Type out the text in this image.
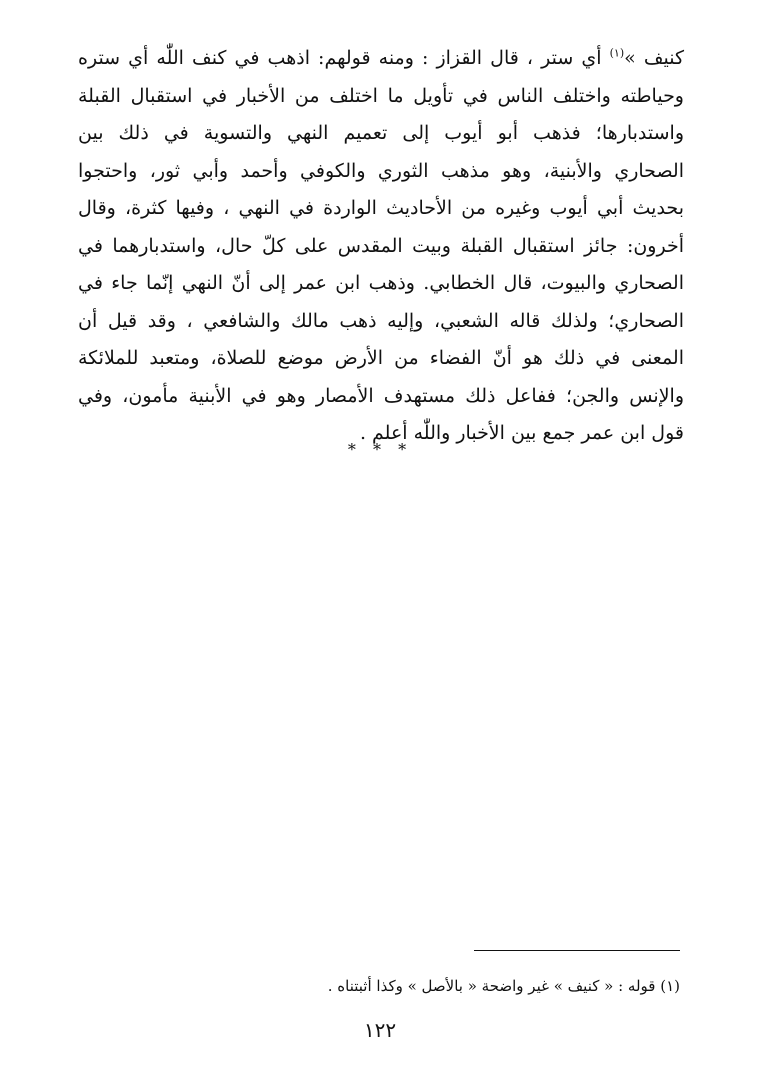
كنيف »$^{(١)}$ أي ستر ، قال القزاز : ومنه قولهم: اذهب في كنف اللّٰه أي ستره
وحياطته واختلف الناس في تأويل ما اختلف من الأخبار في استقبال القبلة
واستدبارها؛ فذهب أبو أيوب إلى تعميم النهي والتسوية في ذلك بين
الصحاري والأبنية، وهو مذهب الثوري والكوفي وأحمد وأبي ثور، واحتجوا
بحديث أبي أيوب وغيره من الأحاديث الواردة في النهي ، وفيها كثرة، وقال
أخرون: جائز استقبال القبلة وبيت المقدس على كلّ حال، واستدبارهما في
الصحاري والبيوت، قال الخطابي. وذهب ابن عمر إلى أنّ النهي إنّما جاء في
الصحاري؛ ولذلك قاله الشعبي، وإليه ذهب مالك والشافعي ، وقد قيل أن
المعنى في ذلك هو أنّ الفضاء من الأرض موضع للصلاة، ومتعبد للملائكة
والإنس والجن؛ ففاعل ذلك مستهدف الأمصار وهو في الأبنية مأمون، وفي
قول ابن عمر جمع بين الأخبار واللّٰه أعلم .
* * *
(١) قوله : « كنيف » غير واضحة « بالأصل » وكذا أثبتناه .
١٢٢
